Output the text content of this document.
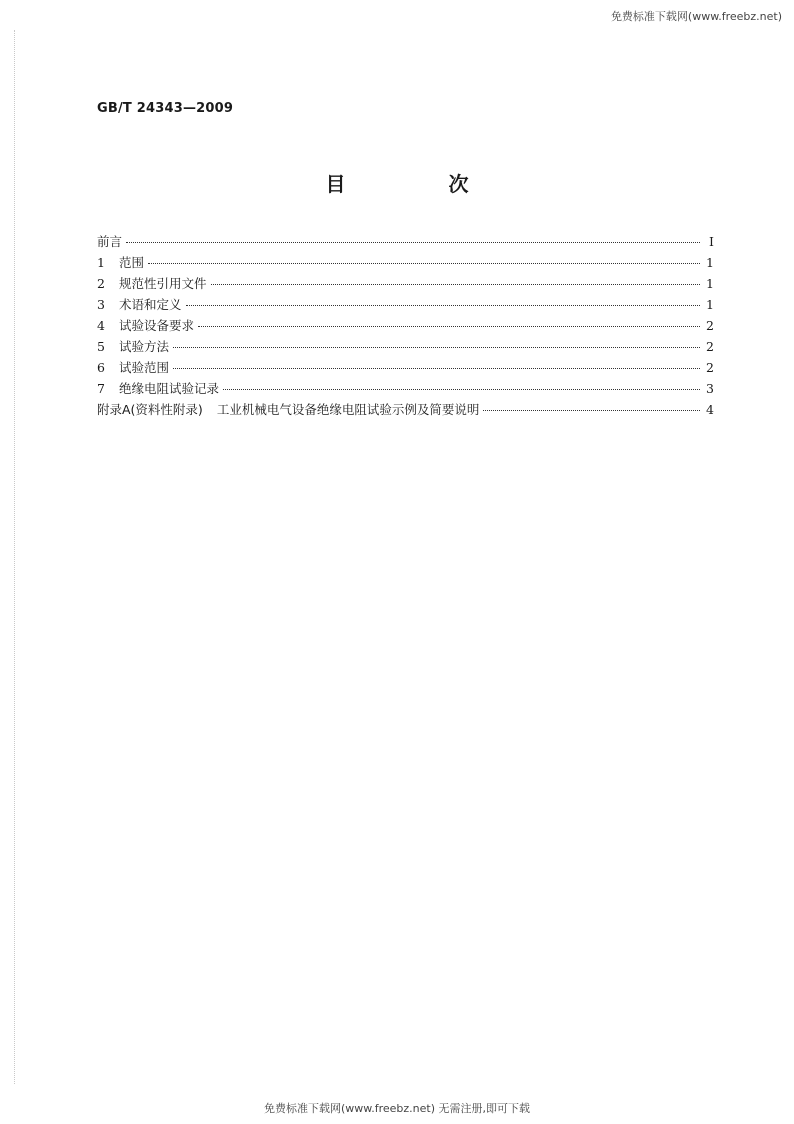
免费标准下载网(www.freebz.net)
GB/T 24343—2009
目 次
前言	Ⅰ
1	范围	1
2	规范性引用文件	1
3	术语和定义	1
4	试验设备要求	2
5	试验方法	2
6	试验范围	2
7	绝缘电阻试验记录	3
附录A(资料性附录) 工业机械电气设备绝缘电阻试验示例及简要说明	4
免费标准下载网(www.freebz.net) 无需注册,即可下载
